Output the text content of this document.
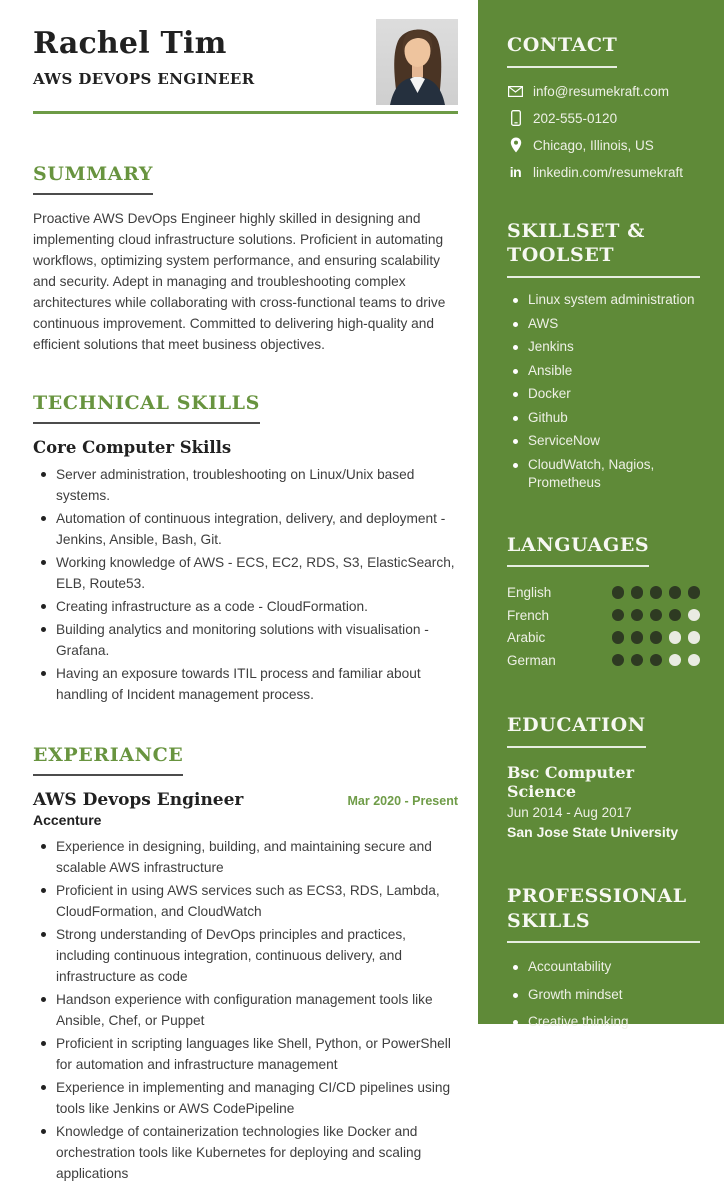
Rachel Tim
AWS DEVOPS ENGINEER
SUMMARY

Proactive AWS DevOps Engineer highly skilled in designing and implementing cloud infrastructure solutions. Proficient in automating workflows, optimizing system performance, and ensuring scalability and security. Adept in managing and troubleshooting complex architectures while collaborating with cross-functional teams to drive continuous improvement. Committed to delivering high-quality and efficient solutions that meet business objectives.

TECHNICAL SKILLS
Core Computer Skills
Server administration, troubleshooting on Linux/Unix based systems.
Automation of continuous integration, delivery, and deployment - Jenkins, Ansible, Bash, Git.
Working knowledge of AWS - ECS, EC2, RDS, S3, ElasticSearch, ELB, Route53.
Creating infrastructure as a code - CloudFormation.
Building analytics and monitoring solutions with visualisation - Grafana.
Having an exposure towards ITIL process and familiar about handling of Incident management process.
EXPERIANCE
AWS Devops Engineer	Mar 2020 - Present
Accenture
Experience in designing, building, and maintaining secure and scalable AWS infrastructure
Proficient in using AWS services such as ECS3, RDS, Lambda, CloudFormation, and CloudWatch
Strong understanding of DevOps principles and practices, including continuous integration, continuous delivery, and infrastructure as code
Handson experience with configuration management tools like Ansible, Chef, or Puppet
Proficient in scripting languages like Shell, Python, or PowerShell for automation and infrastructure management
Experience in implementing and managing CI/CD pipelines using tools like Jenkins or AWS CodePipeline
Knowledge of containerization technologies like Docker and orchestration tools like Kubernetes for deploying and scaling applications
CONTACT
info@resumekraft.com
202-555-0120
Chicago, Illinois, US
in linkedin.com/resumekraft
SKILLSET & TOOLSET
Linux system administration
AWS
Jenkins
Ansible
Docker
Github
ServiceNow
CloudWatch, Nagios, Prometheus
LANGUAGES
English
French
Arabic
German
EDUCATION
Bsc Computer Science
Jun 2014 - Aug 2017
San Jose State University
PROFESSIONAL SKILLS
Accountability
Growth mindset
Creative thinking
